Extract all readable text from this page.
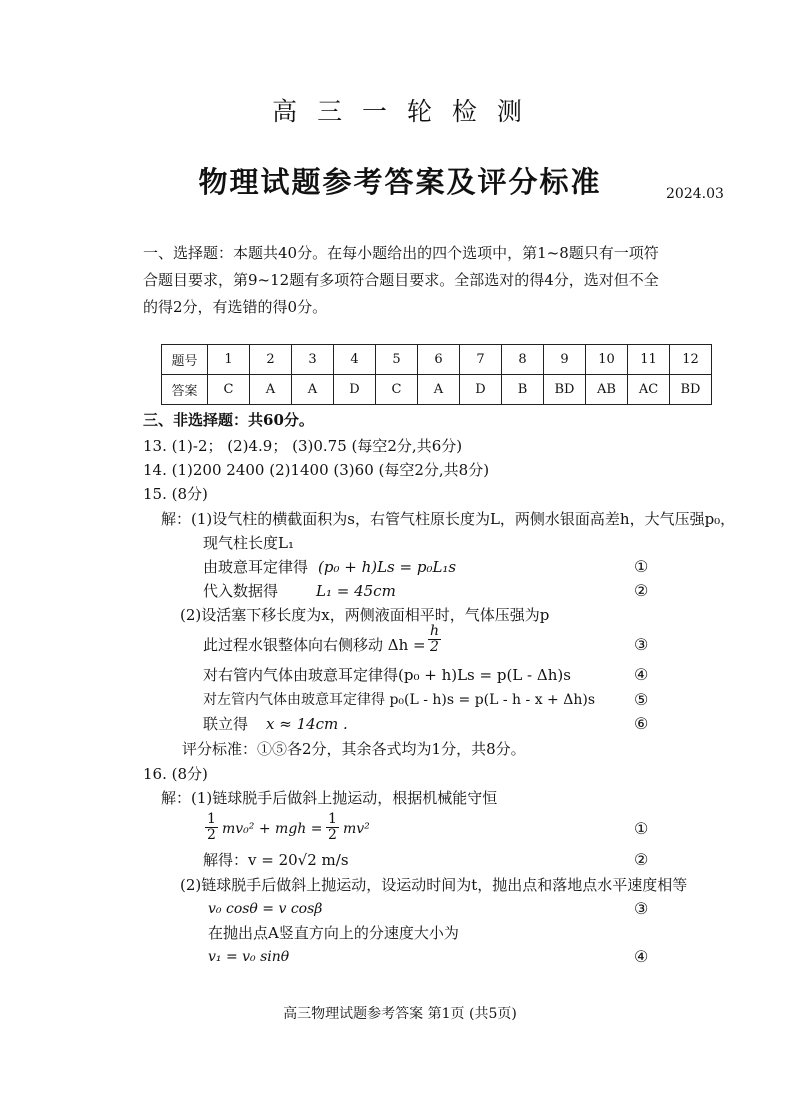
高 三 一 轮 检 测
物理试题参考答案及评分标准	2024.03
一、选择题：本题共40分。在每小题给出的四个选项中，第1~8题只有一项符合题目要求，第9~12题有多项符合题目要求。全部选对的得4分，选对但不全的得2分，有选错的得0分。
题号	1	2	3	4	5	6	7	8	9	10	11	12
答案	C	A	A	D	C	A	D	B	BD	AB	AC	BD
三、非选择题：共60分。
13. (1)-2； (2)4.9； (3)0.75 (每空2分,共6分)
14. (1)200 2400 (2)1400 (3)60 (每空2分,共8分)
15. (8分)
解：(1)设气柱的横截面积为s，右管气柱原长度为L，两侧水银面高差h，大气压强p₀，
现气柱长度L₁
由玻意耳定律得 (p₀ + h)Ls = p₀L₁s	①
代入数据得	L₁ = 45cm	②
(2)设活塞下移长度为x，两侧液面相平时，气体压强为p
此过程水银整体向右侧移动 $\Delta h = \frac{h}{2}$	③
对右管内气体由玻意耳定律得(p₀ + h)Ls = p(L - Δh)s	④
对左管内气体由玻意耳定律得 p₀(L - h)s = p(L - h - x + Δh)s ⑤
联立得 x ≈ 14cm .	⑥
评分标准：①⑤各2分，其余各式均为1分，共8分。
16. (8分)
解：(1)链球脱手后做斜上抛运动，根据机械能守恒
$\frac{1}{2} mv_0^2$ + mgh = $\frac{1}{2} mv^2$	①
解得：v = 20√2 m/s	②
(2)链球脱手后做斜上抛运动，设运动时间为t，抛出点和落地点水平速度相等
v₀ cosθ = v cosβ	③
在抛出点A竖直方向上的分速度大小为
v₁ = v₀ sinθ	④
高三物理试题参考答案 第1页 (共5页)
